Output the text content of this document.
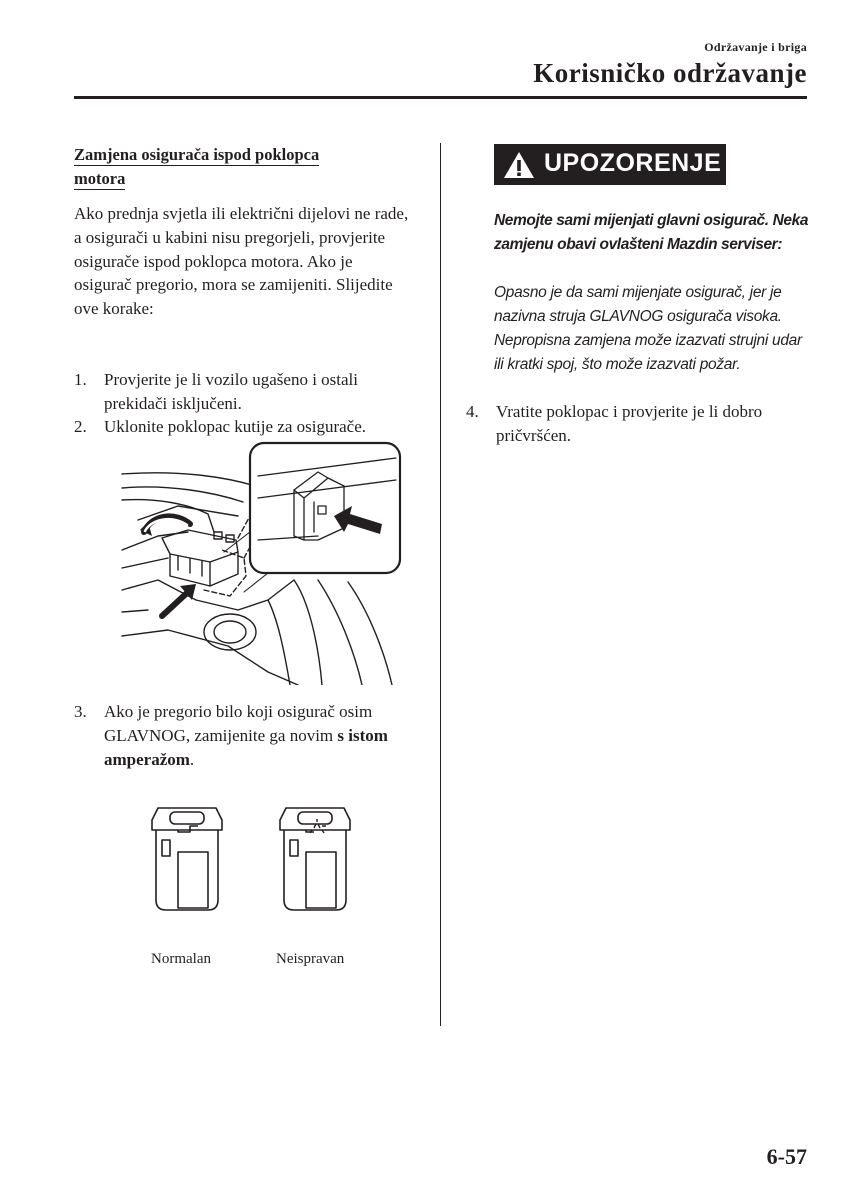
Održavanje i briga
Korisničko održavanje
Zamjena osigurača ispod poklopca
motora
Ako prednja svjetla ili električni dijelovi ne rade, a osigurači u kabini nisu pregorjeli, provjerite osigurače ispod poklopca motora. Ako je osigurač pregorio, mora se zamijeniti. Slijedite ove korake:
1. Provjerite je li vozilo ugašeno i ostali prekidači isključeni.
2. Uklonite poklopac kutije za osigurače.
3. Ako je pregorio bilo koji osigurač osim GLAVNOG, zamijenite ga novim s istom amperažom.
Normalan	Neispravan
UPOZORENJE
Nemojte sami mijenjati glavni osigurač. Neka zamjenu obavi ovlašteni Mazdin serviser:
Opasno je da sami mijenjate osigurač, jer je nazivna struja GLAVNOG osigurača visoka. Nepropisna zamjena može izazvati strujni udar ili kratki spoj, što može izazvati požar.
4. Vratite poklopac i provjerite je li dobro pričvršćen.
6-57
